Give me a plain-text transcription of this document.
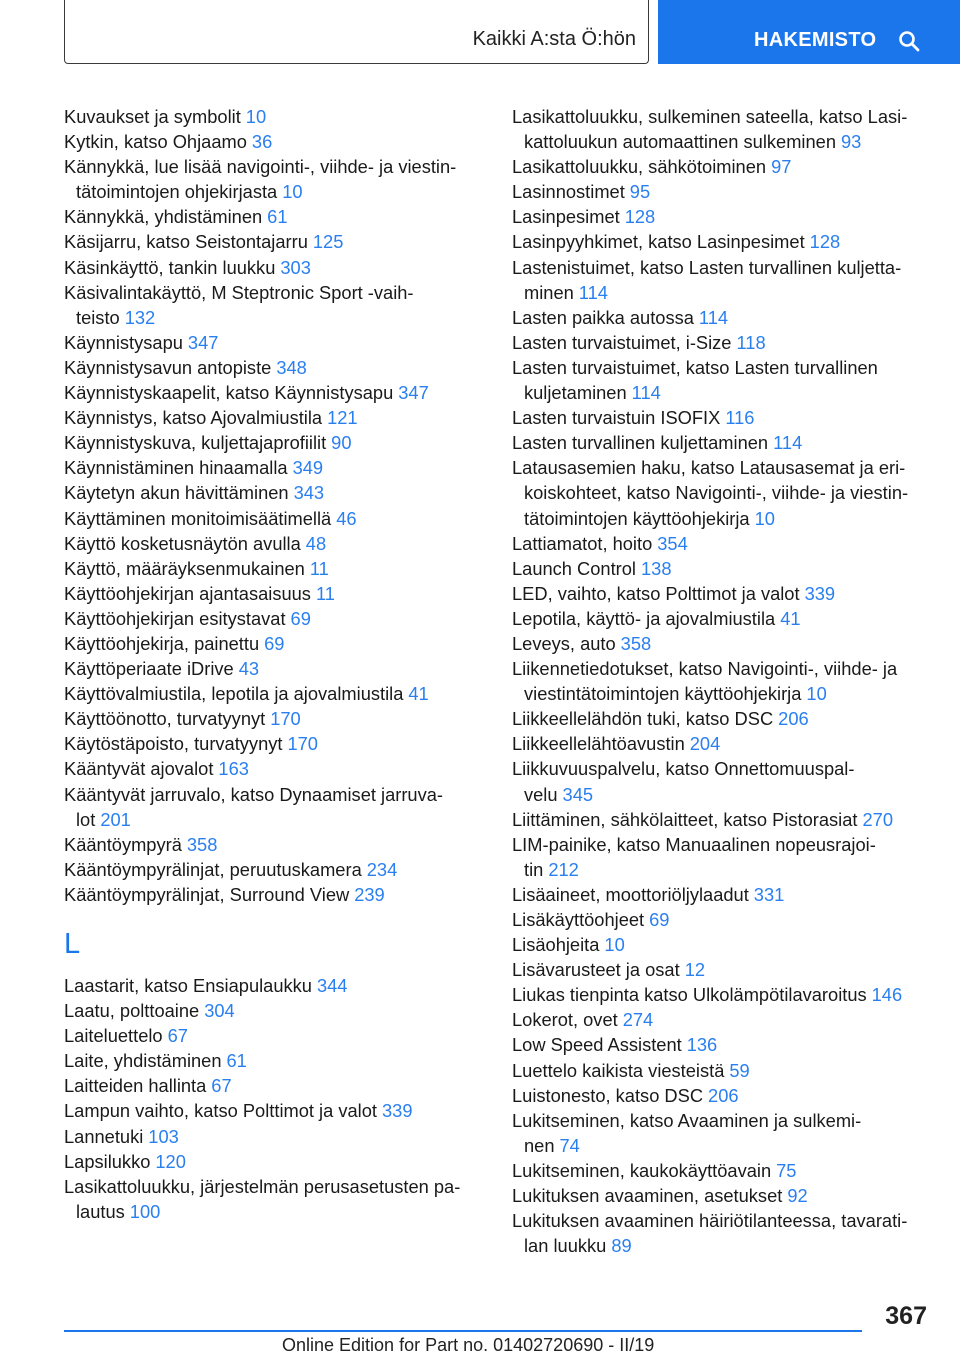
Kaikki A:sta Ö:hön	HAKEMISTO
Kuvaukset ja symbolit 10
Kytkin, katso Ohjaamo 36
Kännykkä, lue lisää navigointi-, viihde- ja viestin-
tätoimintojen ohjekirjasta 10
Kännykkä, yhdistäminen 61
Käsijarru, katso Seistontajarru 125
Käsinkäyttö, tankin luukku 303
Käsivalintakäyttö, M Steptronic Sport -vaih-
teisto 132
Käynnistysapu 347
Käynnistysavun antopiste 348
Käynnistyskaapelit, katso Käynnistysapu 347
Käynnistys, katso Ajovalmiustila 121
Käynnistyskuva, kuljettajaprofiilit 90
Käynnistäminen hinaamalla 349
Käytetyn akun hävittäminen 343
Käyttäminen monitoimisäätimellä 46
Käyttö kosketusnäytön avulla 48
Käyttö, määräyksenmukainen 11
Käyttöohjekirjan ajantasaisuus 11
Käyttöohjekirjan esitystavat 69
Käyttöohjekirja, painettu 69
Käyttöperiaate iDrive 43
Käyttövalmiustila, lepotila ja ajovalmiustila 41
Käyttöönotto, turvatyynyt 170
Käytöstäpoisto, turvatyynyt 170
Kääntyvät ajovalot 163
Kääntyvät jarruvalo, katso Dynaamiset jarruva-
lot 201
Kääntöympyrä 358
Kääntöympyrälinjat, peruutuskamera 234
Kääntöympyrälinjat, Surround View 239
L
Laastarit, katso Ensiapulaukku 344
Laatu, polttoaine 304
Laiteluettelo 67
Laite, yhdistäminen 61
Laitteiden hallinta 67
Lampun vaihto, katso Polttimot ja valot 339
Lannetuki 103
Lapsilukko 120
Lasikattoluukku, järjestelmän perusasetusten pa-
lautus 100
Lasikattoluukku, sulkeminen sateella, katso Lasi-
kattoluukun automaattinen sulkeminen 93
Lasikattoluukku, sähkötoiminen 97
Lasinnostimet 95
Lasinpesimet 128
Lasinpyyhkimet, katso Lasinpesimet 128
Lastenistuimet, katso Lasten turvallinen kuljetta-
minen 114
Lasten paikka autossa 114
Lasten turvaistuimet, i-Size 118
Lasten turvaistuimet, katso Lasten turvallinen
kuljetaminen 114
Lasten turvaistuin ISOFIX 116
Lasten turvallinen kuljettaminen 114
Latausasemien haku, katso Latausasemat ja eri-
koiskohteet, katso Navigointi-, viihde- ja viestin-
tätoimintojen käyttöohjekirja 10
Lattiamatot, hoito 354
Launch Control 138
LED, vaihto, katso Polttimot ja valot 339
Lepotila, käyttö- ja ajovalmiustila 41
Leveys, auto 358
Liikennetiedotukset, katso Navigointi-, viihde- ja
viestintätoimintojen käyttöohjekirja 10
Liikkeellelähdön tuki, katso DSC 206
Liikkeellelähtöavustin 204
Liikkuvuuspalvelu, katso Onnettomuuspal-
velu 345
Liittäminen, sähkölaitteet, katso Pistorasiat 270
LIM-painike, katso Manuaalinen nopeusrajoi-
tin 212
Lisäaineet, moottoriöljylaadut 331
Lisäkäyttöohjeet 69
Lisäohjeita 10
Lisävarusteet ja osat 12
Liukas tienpinta katso Ulkolämpötilavaroitus 146
Lokerot, ovet 274
Low Speed Assistent 136
Luettelo kaikista viesteistä 59
Luistonesto, katso DSC 206
Lukitseminen, katso Avaaminen ja sulkemi-
nen 74
Lukitseminen, kaukokäyttöavain 75
Lukituksen avaaminen, asetukset 92
Lukituksen avaaminen häiriötilanteessa, tavarati-
lan luukku 89
367
Online Edition for Part no. 01402720690 - II/19
